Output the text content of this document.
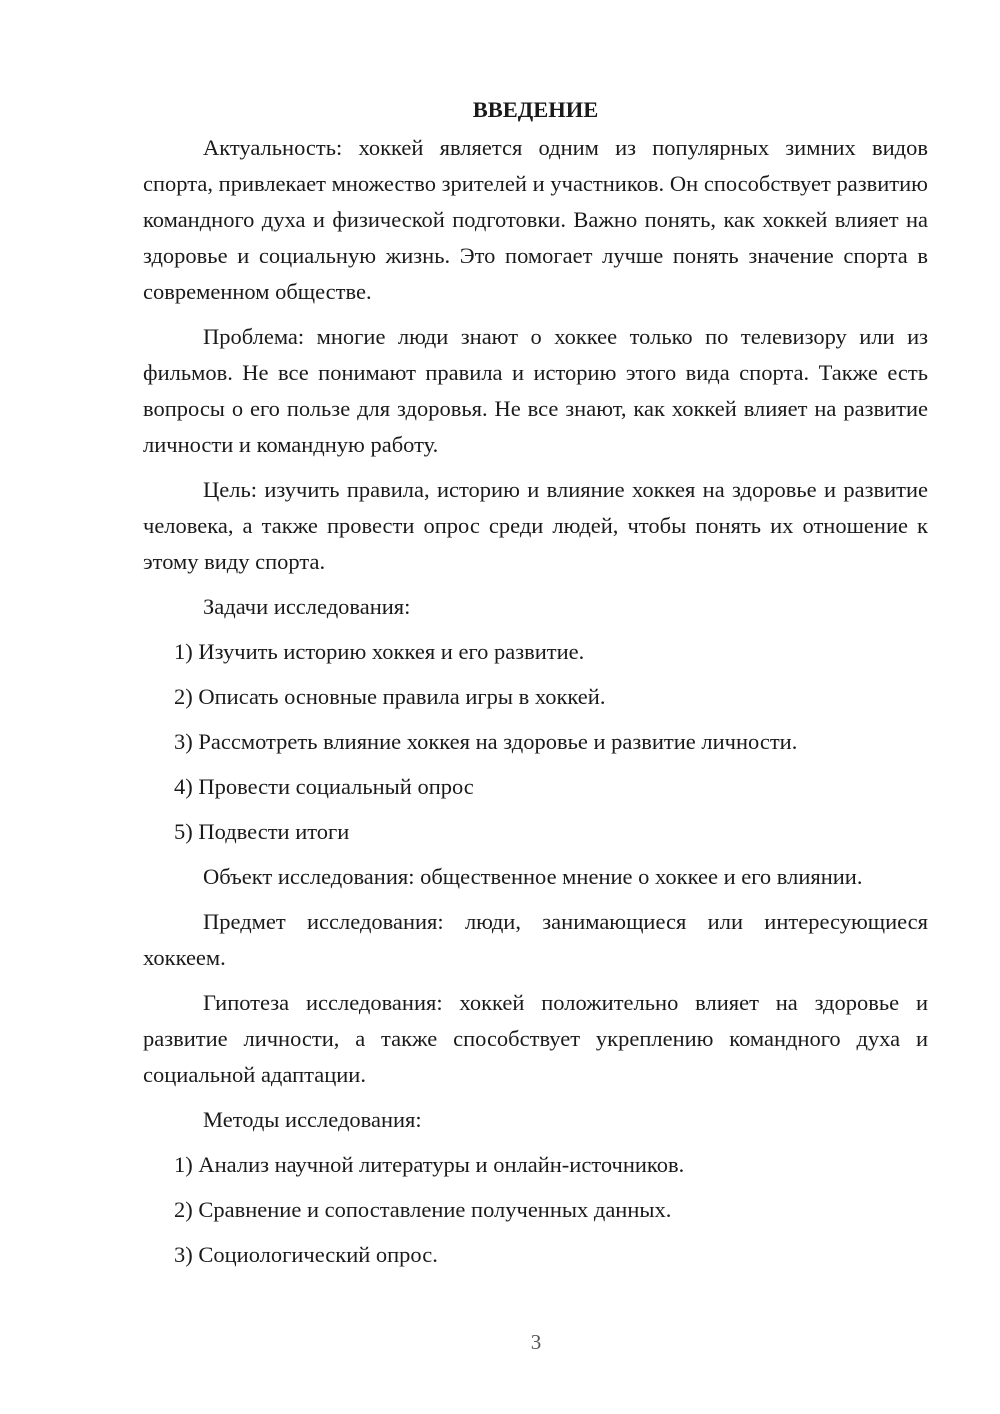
ВВЕДЕНИЕ

Актуальность: хоккей является одним из популярных зимних видов спорта, привлекает множество зрителей и участников. Он способствует развитию командного духа и физической подготовки. Важно понять, как хоккей влияет на здоровье и социальную жизнь. Это помогает лучше понять значение спорта в современном обществе.

Проблема: многие люди знают о хоккее только по телевизору или из фильмов. Не все понимают правила и историю этого вида спорта. Также есть вопросы о его пользе для здоровья. Не все знают, как хоккей влияет на развитие личности и командную работу.

Цель: изучить правила, историю и влияние хоккея на здоровье и развитие человека, а также провести опрос среди людей, чтобы понять их отношение к этому виду спорта.

Задачи исследования:

1) Изучить историю хоккея и его развитие.

2) Описать основные правила игры в хоккей.

3) Рассмотреть влияние хоккея на здоровье и развитие личности.

4) Провести социальный опрос

5) Подвести итоги

Объект исследования: общественное мнение о хоккее и его влиянии.

Предмет исследования: люди, занимающиеся или интересующиеся хоккеем.

Гипотеза исследования: хоккей положительно влияет на здоровье и развитие личности, а также способствует укреплению командного духа и социальной адаптации.

Методы исследования:

1) Анализ научной литературы и онлайн-источников.

2) Сравнение и сопоставление полученных данных.

3) Социологический опрос.

3
